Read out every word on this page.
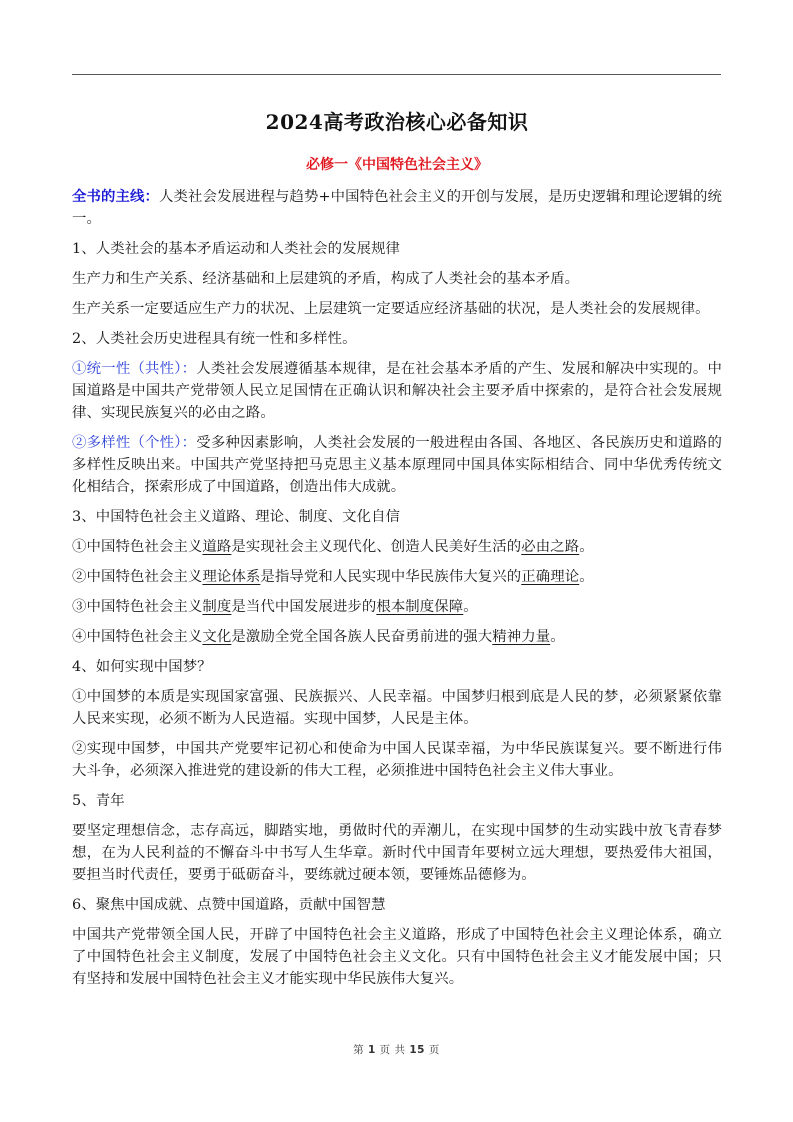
2024高考政治核心必备知识

必修一《中国特色社会主义》

全书的主线：人类社会发展进程与趋势+中国特色社会主义的开创与发展，是历史逻辑和理论逻辑的统一。

1、人类社会的基本矛盾运动和人类社会的发展规律

生产力和生产关系、经济基础和上层建筑的矛盾，构成了人类社会的基本矛盾。

生产关系一定要适应生产力的状况、上层建筑一定要适应经济基础的状况，是人类社会的发展规律。

2、人类社会历史进程具有统一性和多样性。

①统一性（共性）：人类社会发展遵循基本规律，是在社会基本矛盾的产生、发展和解决中实现的。中国道路是中国共产党带领人民立足国情在正确认识和解决社会主要矛盾中探索的，是符合社会发展规律、实现民族复兴的必由之路。

②多样性（个性）：受多种因素影响，人类社会发展的一般进程由各国、各地区、各民族历史和道路的多样性反映出来。中国共产党坚持把马克思主义基本原理同中国具体实际相结合、同中华优秀传统文化相结合，探索形成了中国道路，创造出伟大成就。

3、中国特色社会主义道路、理论、制度、文化自信

①中国特色社会主义道路是实现社会主义现代化、创造人民美好生活的必由之路。

②中国特色社会主义理论体系是指导党和人民实现中华民族伟大复兴的正确理论。

③中国特色社会主义制度是当代中国发展进步的根本制度保障。

④中国特色社会主义文化是激励全党全国各族人民奋勇前进的强大精神力量。

4、如何实现中国梦？

①中国梦的本质是实现国家富强、民族振兴、人民幸福。中国梦归根到底是人民的梦，必须紧紧依靠人民来实现，必须不断为人民造福。实现中国梦，人民是主体。

②实现中国梦，中国共产党要牢记初心和使命为中国人民谋幸福，为中华民族谋复兴。要不断进行伟大斗争，必须深入推进党的建设新的伟大工程，必须推进中国特色社会主义伟大事业。

5、青年

要坚定理想信念，志存高远，脚踏实地，勇做时代的弄潮儿，在实现中国梦的生动实践中放飞青春梦想，在为人民利益的不懈奋斗中书写人生华章。新时代中国青年要树立远大理想，要热爱伟大祖国，要担当时代责任，要勇于砥砺奋斗，要练就过硬本领，要锤炼品德修为。

6、聚焦中国成就、点赞中国道路，贡献中国智慧

中国共产党带领全国人民，开辟了中国特色社会主义道路，形成了中国特色社会主义理论体系，确立了中国特色社会主义制度，发展了中国特色社会主义文化。只有中国特色社会主义才能发展中国；只有坚持和发展中国特色社会主义才能实现中华民族伟大复兴。

第 1 页 共 15 页
